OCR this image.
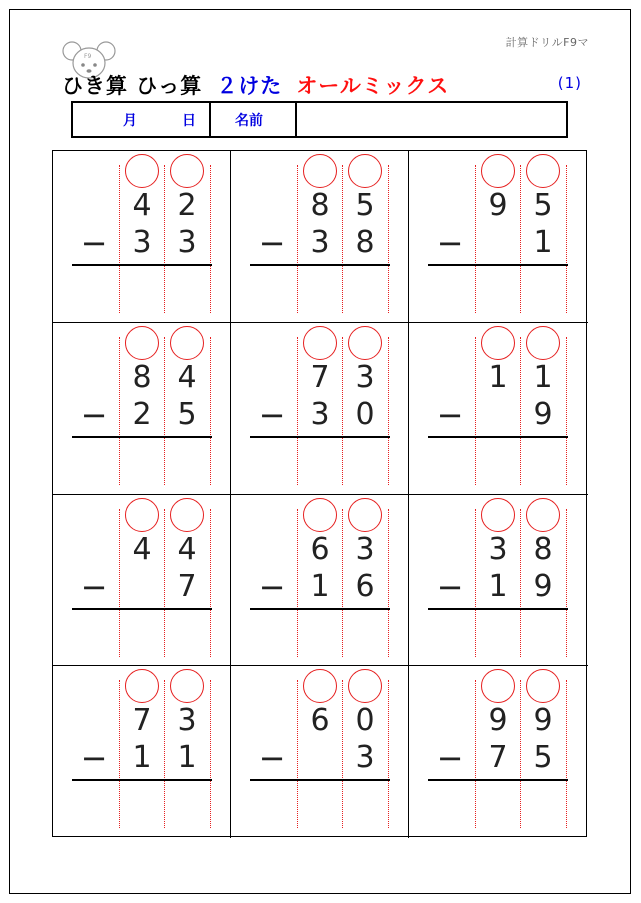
F9
計算ドリルF9マ
ひき算 ひっ算 ２けた オールミックス	(1)
月	日	名前
4 2
− 3 3
8 5
− 3 8
9 5
−	1
8 4
− 2 5
7 3
− 3 0
1 1
−	9
4 4
−	7
6 3
− 1 6
3 8
− 1 9
7 3
− 1 1
6 0
−	3
9 9
− 7 5
